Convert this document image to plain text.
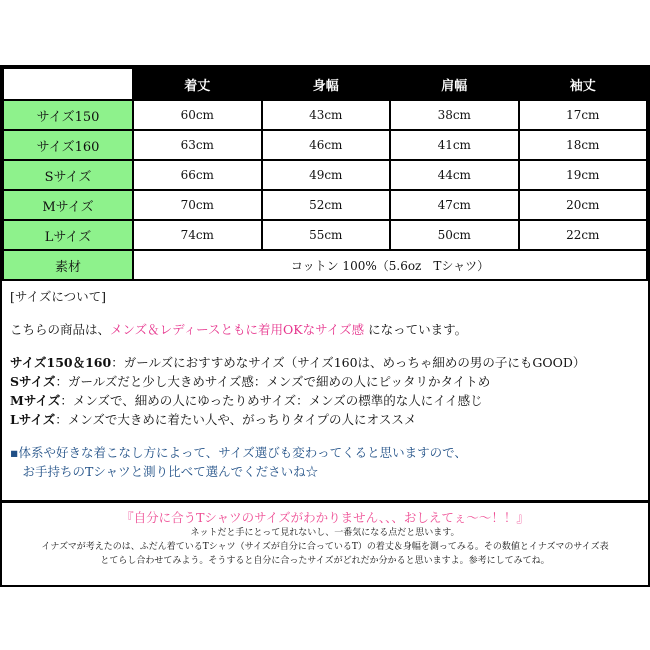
	着丈	身幅	肩幅	袖丈
サイズ150	60cm	43cm	38cm	17cm
サイズ160	63cm	46cm	41cm	18cm
Sサイズ	66cm	49cm	44cm	19cm
Mサイズ	70cm	52cm	47cm	20cm
Lサイズ	74cm	55cm	50cm	22cm
素材	コットン 100%（5.6oz　Tシャツ）			

[サイズについて]

こちらの商品は、メンズ＆レディースともに着用OKなサイズ感 になっています。

サイズ150＆160：ガールズにおすすめなサイズ（サイズ160は、めっちゃ細めの男の子にもGOOD）

Sサイズ：ガールズだと少し大きめサイズ感：メンズで細めの人にピッタリかタイトめ

Mサイズ：メンズで、細めの人にゆったりめサイズ：メンズの標準的な人にイイ感じ

Lサイズ：メンズで大きめに着たい人や、がっちりタイプの人にオススメ

▪体系や好きな着こなし方によって、サイズ選びも変わってくると思いますので、

　お手持ちのTシャツと測り比べて選んでくださいね☆

『自分に合うTシャツのサイズがわかりません、、、おしえてぇ〜〜！！』
ネットだと手にとって見れないし、一番気になる点だと思います。
イナズマが考えたのは、ふだん着ているTシャツ（サイズが自分に合っているT）の着丈＆身幅を測ってみる。その数値とイナズマのサイズ表
とてらし合わせてみよう。そうすると自分に合ったサイズがどれだか分かると思いますよ。参考にしてみてね。
